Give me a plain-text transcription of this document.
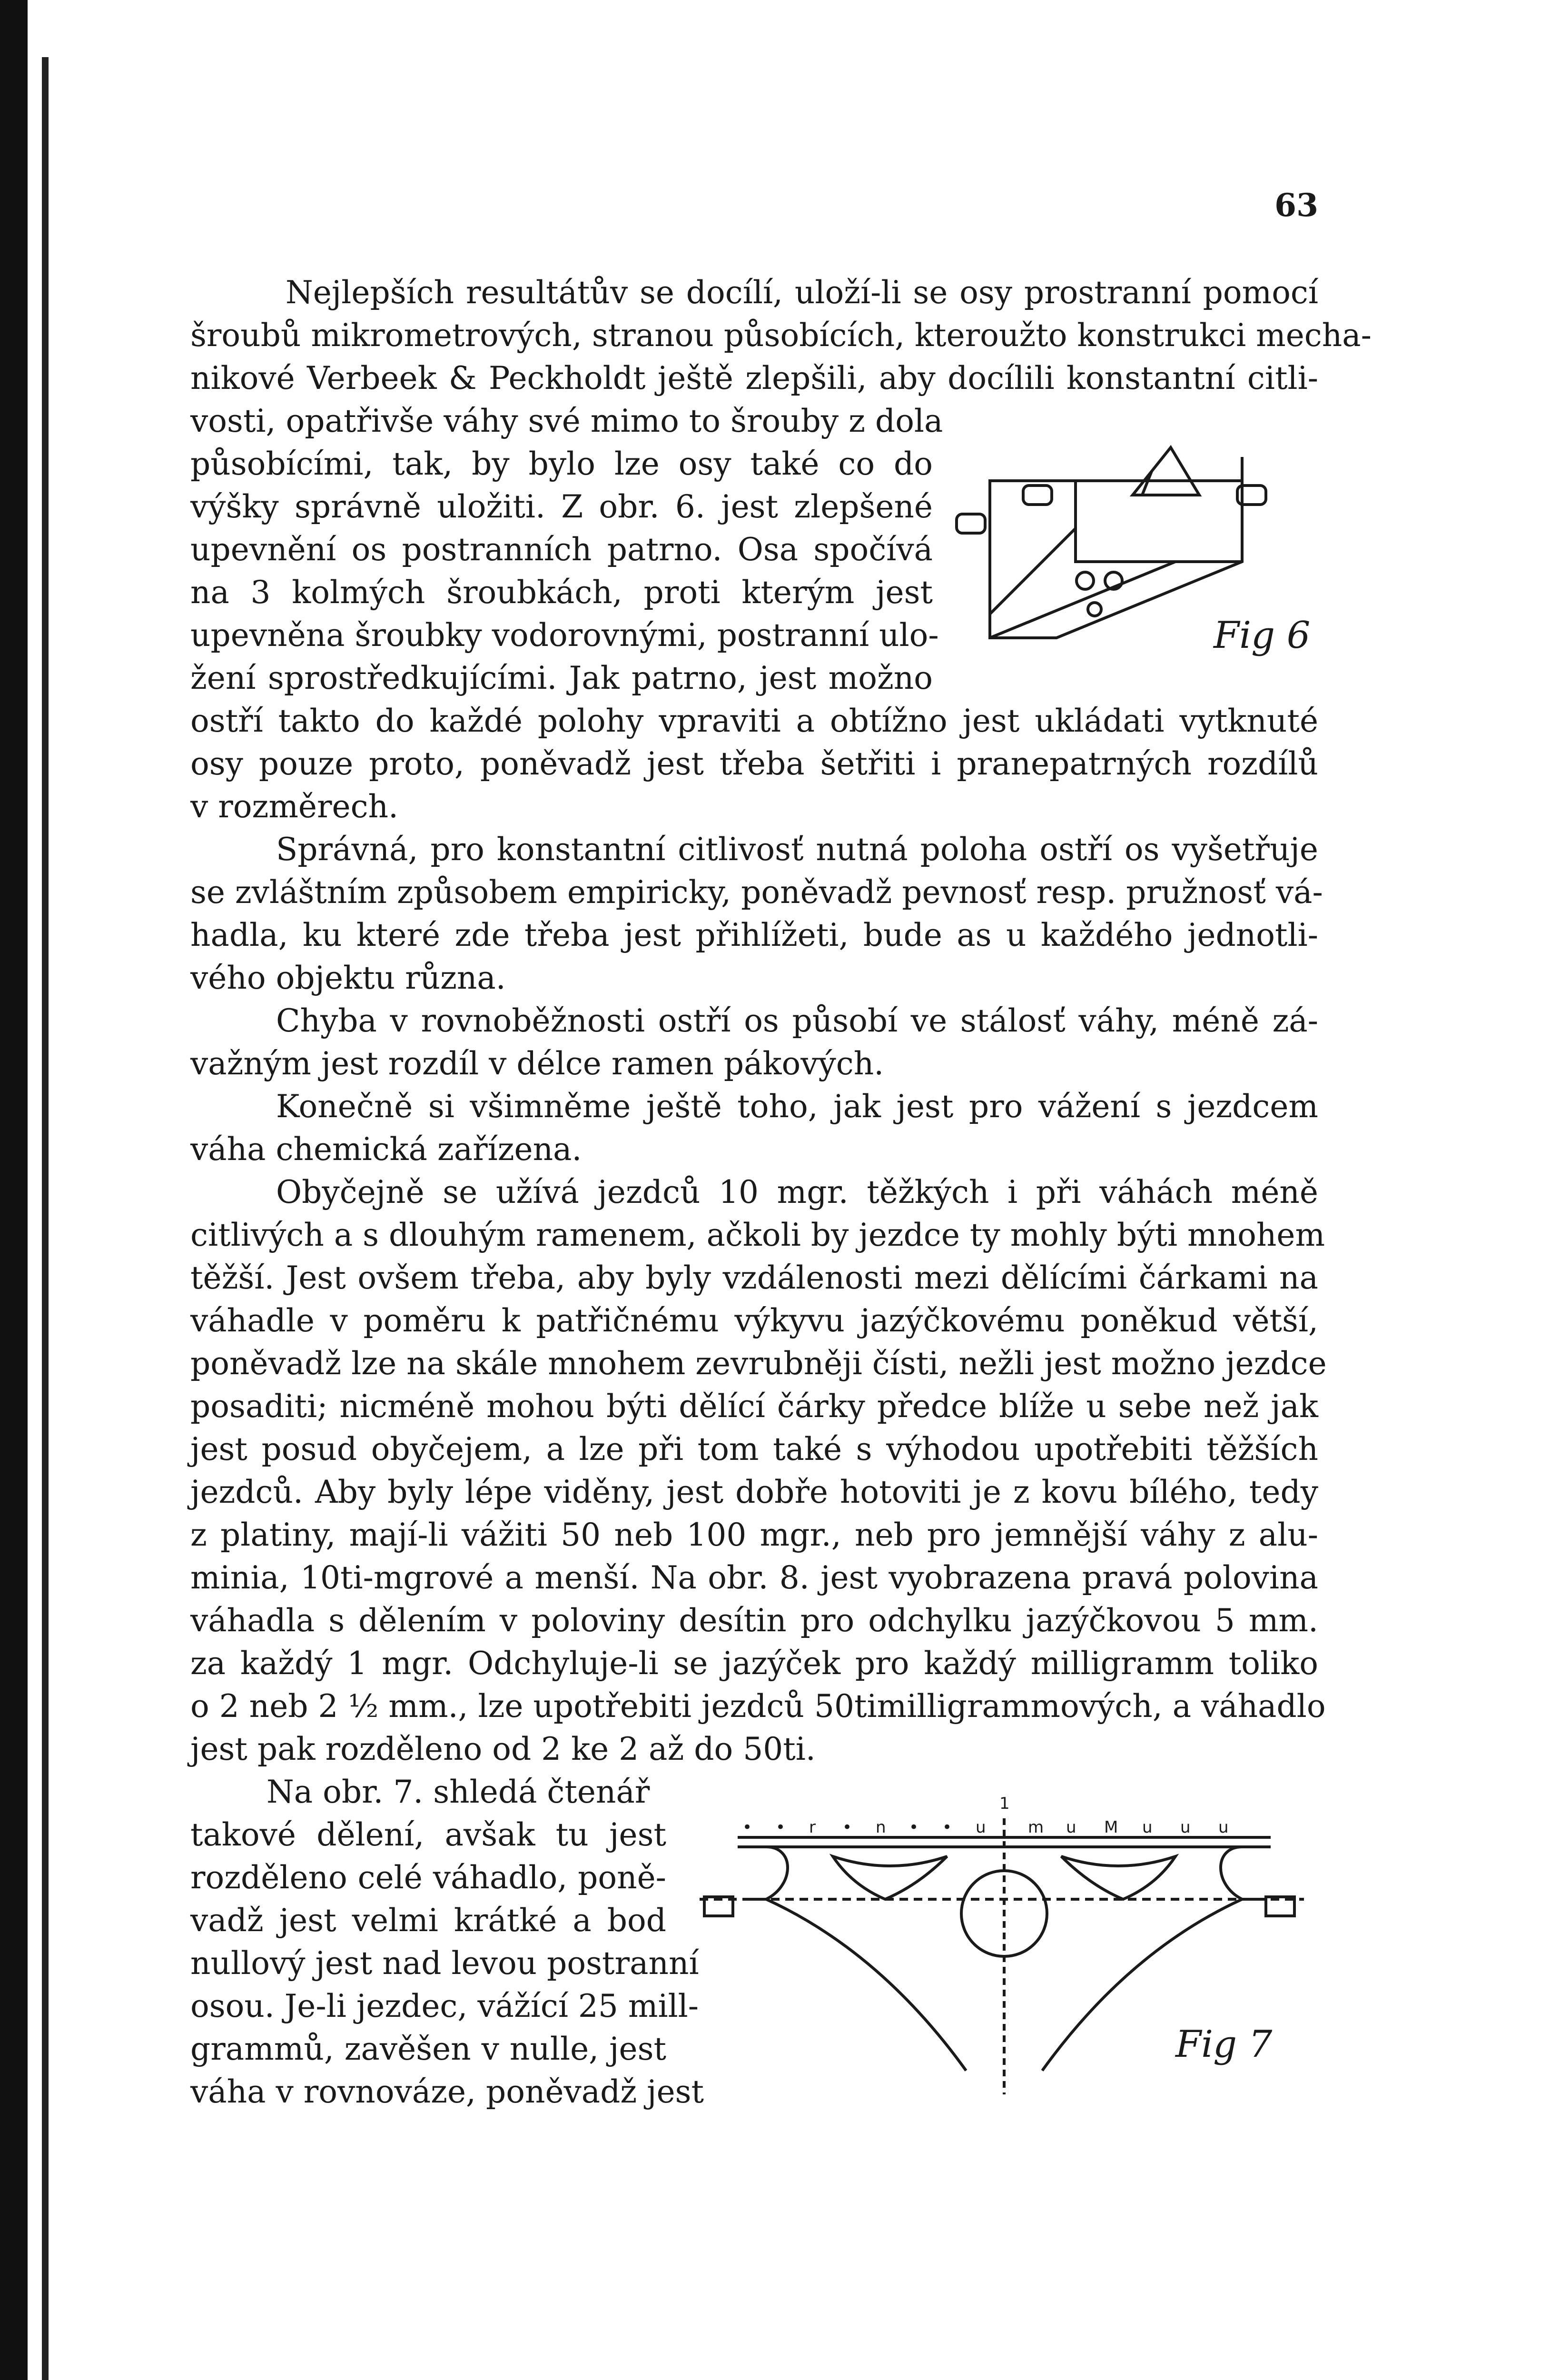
63
Nejlepších resultátův se docílí, uloží-li se osy prostranní pomocí
šroubů mikrometrových, stranou působících, kteroužto konstrukci mecha-
nikové Verbeek & Peckholdt ještě zlepšili, aby docílili konstantní citli-
vosti, opatřivše váhy své mimo to šrouby z dola
působícími, tak, by bylo lze osy také co do
výšky správně uložiti. Z obr. 6. jest zlepšené
upevnění os postranních patrno. Osa spočívá
na 3 kolmých šroubkách, proti kterým jest
upevněna šroubky vodorovnými, postranní ulo-
žení sprostředkujícími. Jak patrno, jest možno
ostří takto do každé polohy vpraviti a obtížno jest ukládati vytknuté
osy pouze proto, poněvadž jest třeba šetřiti i pranepatrných rozdílů
v rozměrech.
Správná, pro konstantní citlivosť nutná poloha ostří os vyšetřuje
se zvláštním způsobem empiricky, poněvadž pevnosť resp. pružnosť vá-
hadla, ku které zde třeba jest přihlížeti, bude as u každého jednotli-
vého objektu různa.
Chyba v rovnoběžnosti ostří os působí ve stálosť váhy, méně zá-
važným jest rozdíl v délce ramen pákových.
Konečně si všimněme ještě toho, jak jest pro vážení s jezdcem
váha chemická zařízena.
Obyčejně se užívá jezdců 10 mgr. těžkých i při váhách méně
citlivých a s dlouhým ramenem, ačkoli by jezdce ty mohly býti mnohem
těžší. Jest ovšem třeba, aby byly vzdálenosti mezi dělícími čárkami na
váhadle v poměru k patřičnému výkyvu jazýčkovému poněkud větší,
poněvadž lze na skále mnohem zevrubněji čísti, nežli jest možno jezdce
posaditi; nicméně mohou býti dělící čárky předce blíže u sebe než jak
jest posud obyčejem, a lze při tom také s výhodou upotřebiti těžších
jezdců. Aby byly lépe viděny, jest dobře hotoviti je z kovu bílého, tedy
z platiny, mají-li vážiti 50 neb 100 mgr., neb pro jemnější váhy z alu-
minia, 10ti-mgrové a menší. Na obr. 8. jest vyobrazena pravá polovina
váhadla s dělením v poloviny desítin pro odchylku jazýčkovou 5 mm.
za každý 1 mgr. Odchyluje-li se jazýček pro každý milligramm toliko
o 2 neb 2 ½ mm., lze upotřebiti jezdců 50timilligrammových, a váhadlo
jest pak rozděleno od 2 ke 2 až do 50ti.
Na obr. 7. shledá čtenář
takové dělení, avšak tu jest
rozděleno celé váhadlo, poně-
vadž jest velmi krátké a bod
nullový jest nad levou postranní
osou. Je-li jezdec, vážící 25 mill-
grammů, zavěšen v nulle, jest
váha v rovnováze, poněvadž jest
Fig 6
• • r • n • • u
1
m u M u u u
Fig 7
